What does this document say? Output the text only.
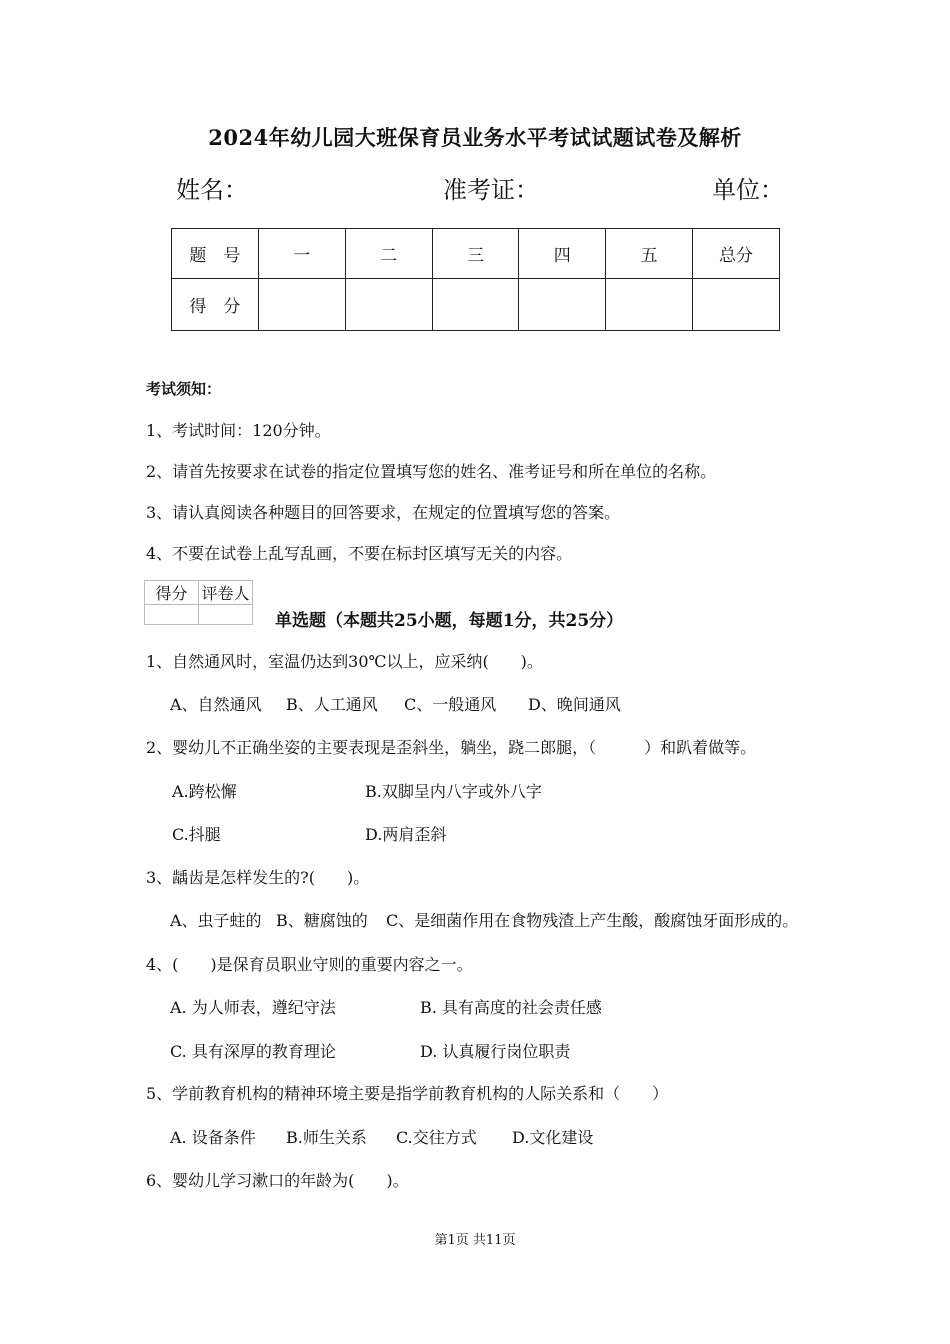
2024年幼儿园大班保育员业务水平考试试题试卷及解析
姓名：	准考证：	单位：
题　号	一	二	三	四	五	总分
得　分						
考试须知：
1、考试时间：120分钟。
2、请首先按要求在试卷的指定位置填写您的姓名、准考证号和所在单位的名称。
3、请认真阅读各种题目的回答要求，在规定的位置填写您的答案。
4、不要在试卷上乱写乱画，不要在标封区填写无关的内容。
得分	评卷人

单选题（本题共25小题，每题1分，共25分）
1、自然通风时，室温仍达到30℃以上，应采纳(　　)。
A、自然通风 B、人工通风 C、一般通风 D、晚间通风
2、婴幼儿不正确坐姿的主要表现是歪斜坐，躺坐，跷二郎腿，（　　　）和趴着做等。
A.跨松懈	B.双脚呈内八字或外八字
C.抖腿	D.两肩歪斜
3、龋齿是怎样发生的?(　　)。
A、虫子蛀的 B、糖腐蚀的 C、是细菌作用在食物残渣上产生酸，酸腐蚀牙面形成的。
4、(　　)是保育员职业守则的重要内容之一。
A. 为人师表，遵纪守法	B. 具有高度的社会责任感
C. 具有深厚的教育理论	D. 认真履行岗位职责
5、学前教育机构的精神环境主要是指学前教育机构的人际关系和（　　）
A. 设备条件 B.师生关系 C.交往方式 D.文化建设
6、婴幼儿学习漱口的年龄为(　　)。
第1页 共11页
